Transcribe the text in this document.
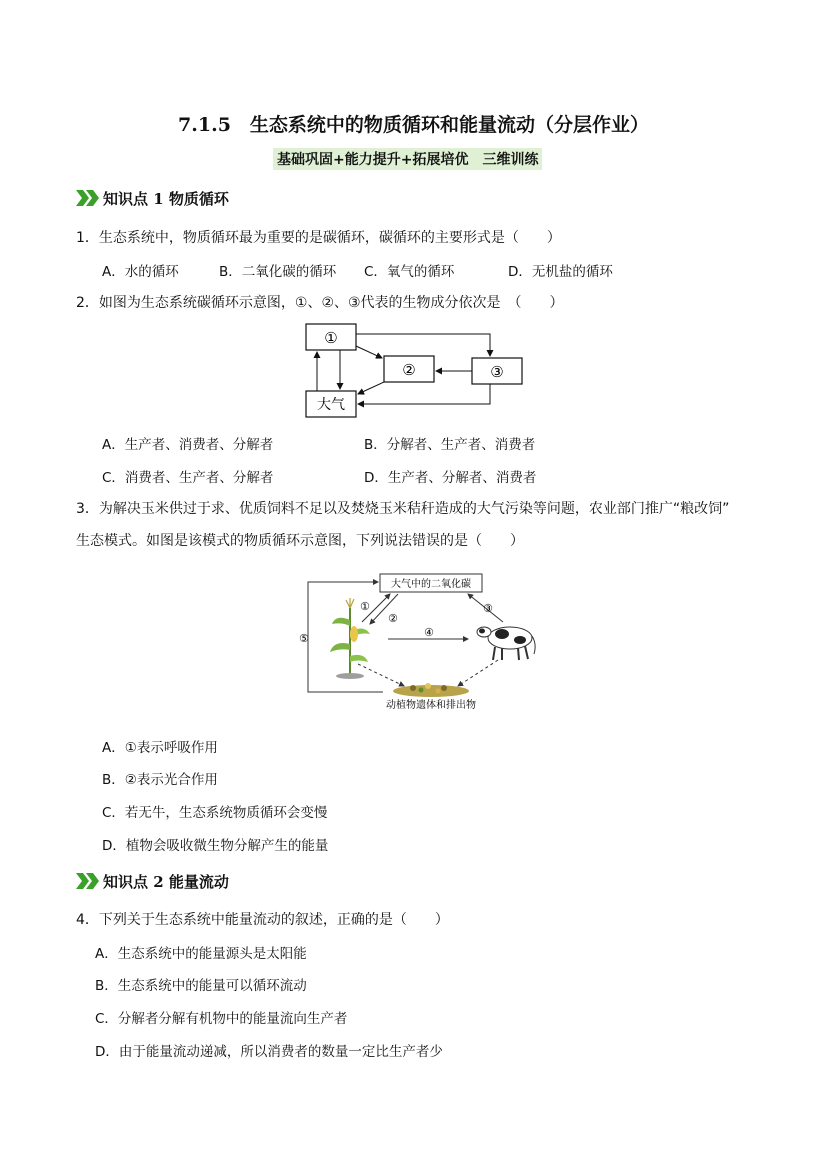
7.1.5　生态系统中的物质循环和能量流动（分层作业）
基础巩固+能力提升+拓展培优　三维训练
知识点 1 物质循环
1．生态系统中，物质循环最为重要的是碳循环，碳循环的主要形式是（　　）
A．水的循环	B．二氧化碳的循环 C．氧气的循环	D．无机盐的循环
2．如图为生态系统碳循环示意图，①、②、③代表的生物成分依次是　（　　）
①
②	③
大气
A．生产者、消费者、分解者	B．分解者、生产者、消费者
C．消费者、生产者、分解者	D．生产者、分解者、消费者
3．为解决玉米供过于求、优质饲料不足以及焚烧玉米秸秆造成的大气污染等问题，农业部门推广“粮改饲”
生态模式。如图是该模式的物质循环示意图，下列说法错误的是（　　）
大气中的二氧化碳
⑤
①
②
③
④
动植物遗体和排出物
A．①表示呼吸作用
B．②表示光合作用
C．若无牛，生态系统物质循环会变慢
D．植物会吸收微生物分解产生的能量
知识点 2 能量流动
4．下列关于生态系统中能量流动的叙述，正确的是（　　）
A．生态系统中的能量源头是太阳能
B．生态系统中的能量可以循环流动
C．分解者分解有机物中的能量流向生产者
D．由于能量流动递减，所以消费者的数量一定比生产者少
